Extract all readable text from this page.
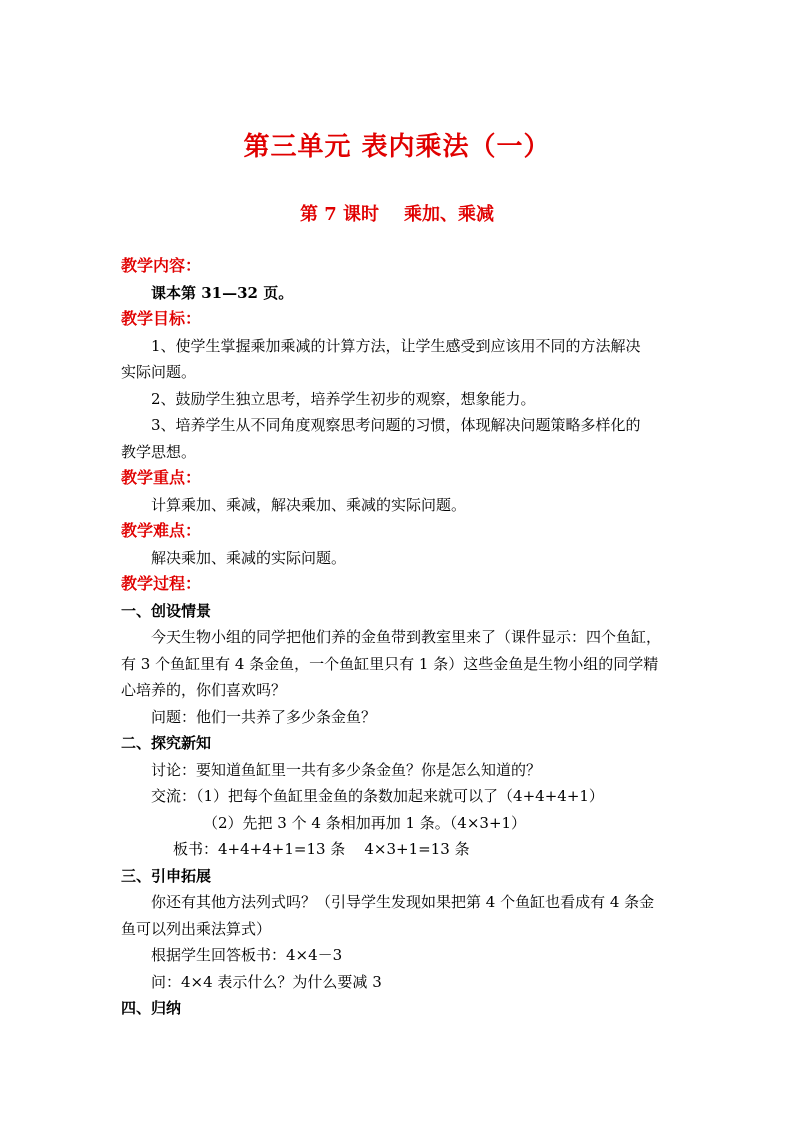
第三单元 表内乘法（一）
第 7 课时    乘加、乘减
教学内容：
课本第 31—32 页。
教学目标：
1、使学生掌握乘加乘减的计算方法，让学生感受到应该用不同的方法解决
实际问题。
2、鼓励学生独立思考，培养学生初步的观察，想象能力。
3、培养学生从不同角度观察思考问题的习惯，体现解决问题策略多样化的
教学思想。
教学重点：
计算乘加、乘减，解决乘加、乘减的实际问题。
教学难点：
解决乘加、乘减的实际问题。
教学过程：
一、创设情景
今天生物小组的同学把他们养的金鱼带到教室里来了（课件显示：四个鱼缸，
有 3 个鱼缸里有 4 条金鱼，一个鱼缸里只有 1 条）这些金鱼是生物小组的同学精
心培养的，你们喜欢吗？
问题：他们一共养了多少条金鱼？
二、探究新知
讨论：要知道鱼缸里一共有多少条金鱼？你是怎么知道的？
交流：（1）把每个鱼缸里金鱼的条数加起来就可以了（4+4+4+1）
（2）先把 3 个 4 条相加再加 1 条。（4×3+1）
板书：4+4+4+1=13 条    4×3+1=13 条
三、引申拓展
你还有其他方法列式吗？（引导学生发现如果把第 4 个鱼缸也看成有 4 条金
鱼可以列出乘法算式）
根据学生回答板书：4×4－3
问：4×4 表示什么？为什么要减 3
四、归纳
